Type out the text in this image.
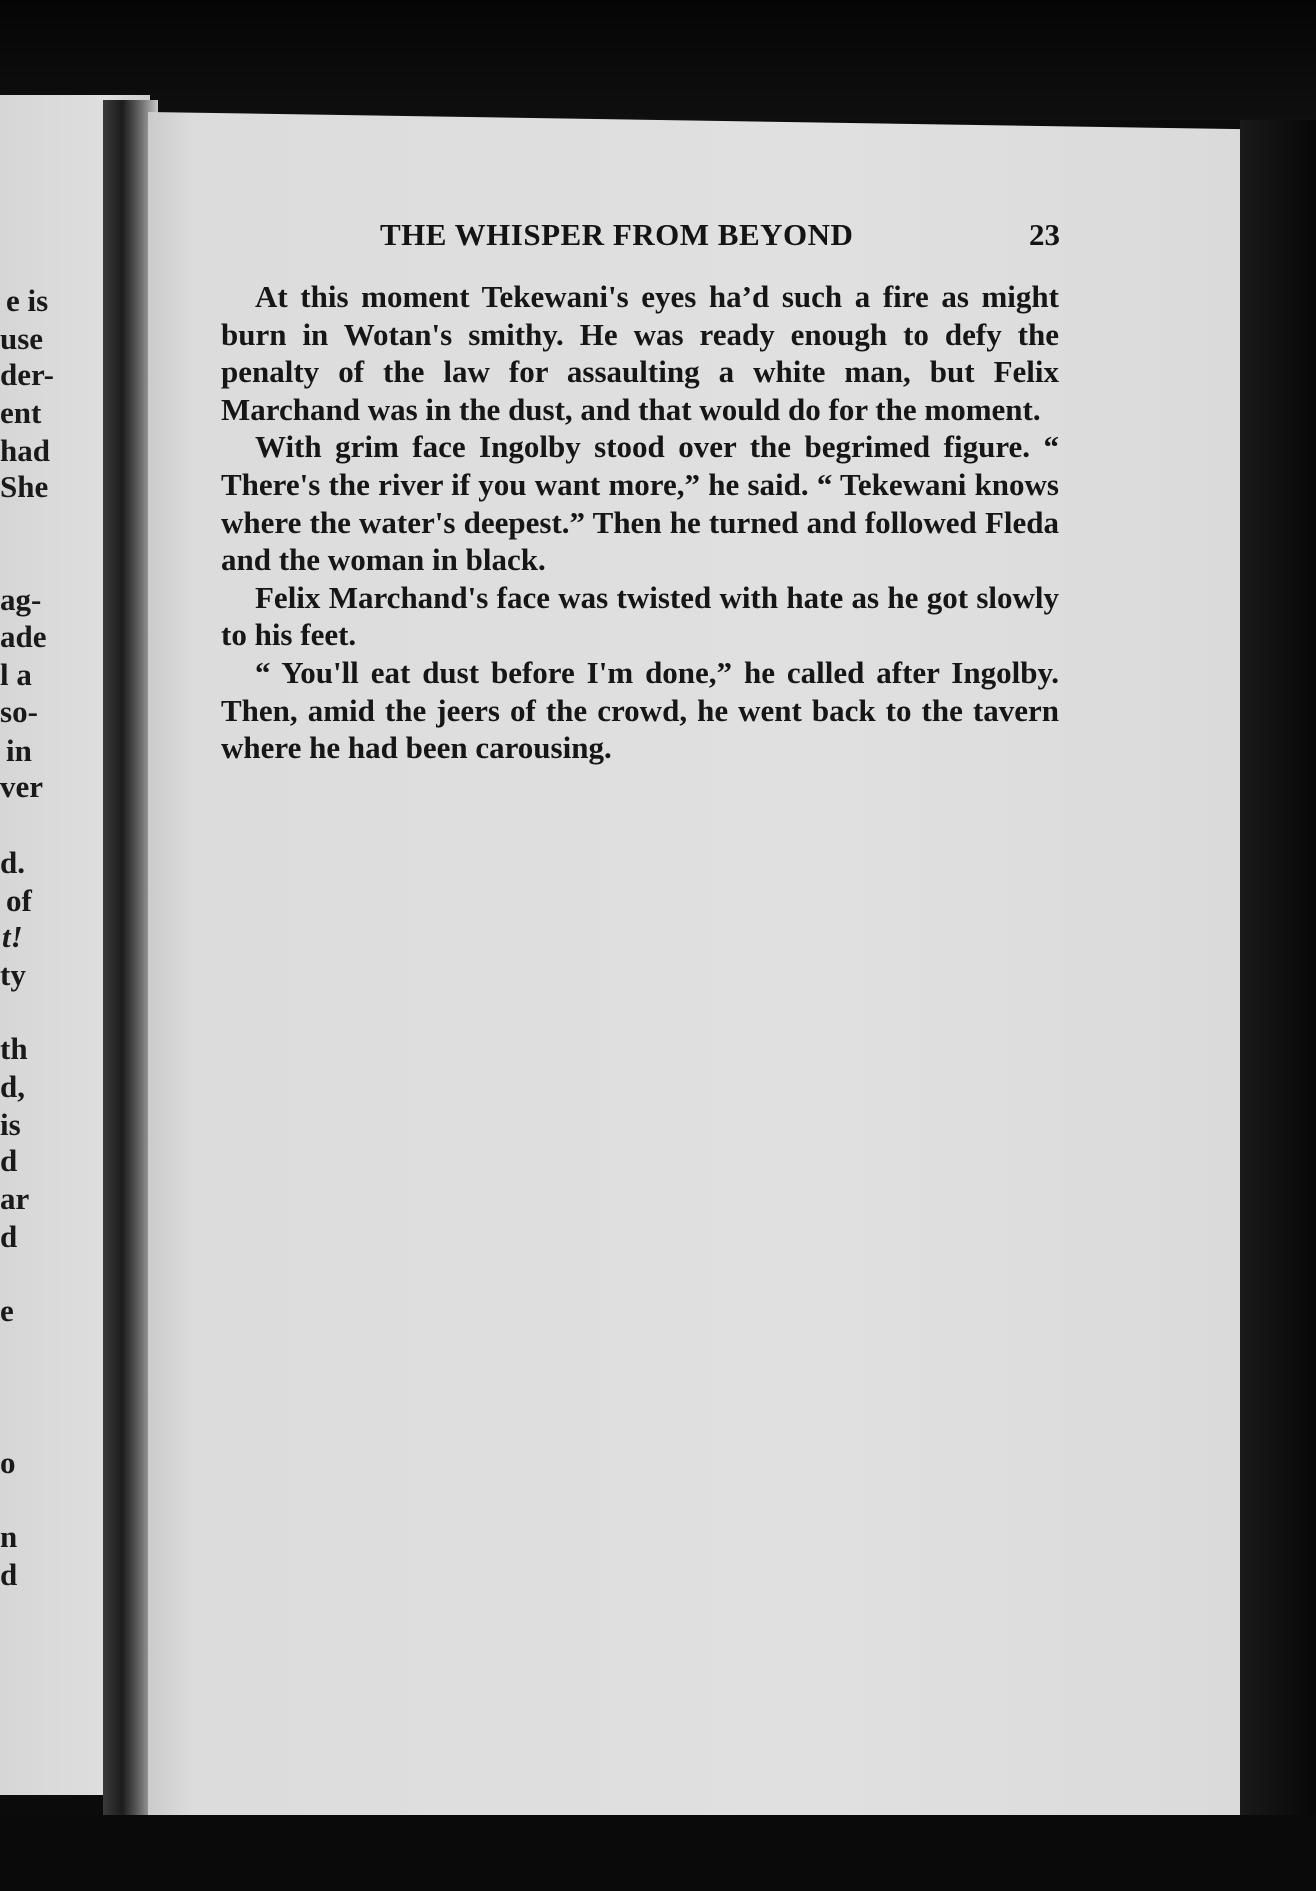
e is
use
der-
ent
had
She
ag-
ade
l a
so-
in
ver
d.
of
t!
ty
th
d,
is
d
ar
d
e
o
n
d
THE WHISPER FROM BEYOND	23

At this moment Tekewani's eyes ha’d such a fire as might burn in Wotan's smithy. He was ready enough to defy the penalty of the law for assaulting a white man, but Felix Marchand was in the dust, and that would do for the moment.

With grim face Ingolby stood over the begrimed figure. “ There's the river if you want more,” he said. “ Tekewani knows where the water's deepest.” Then he turned and followed Fleda and the woman in black.

Felix Marchand's face was twisted with hate as he got slowly to his feet.

“ You'll eat dust before I'm done,” he called after Ingolby. Then, amid the jeers of the crowd, he went back to the tavern where he had been carousing.
